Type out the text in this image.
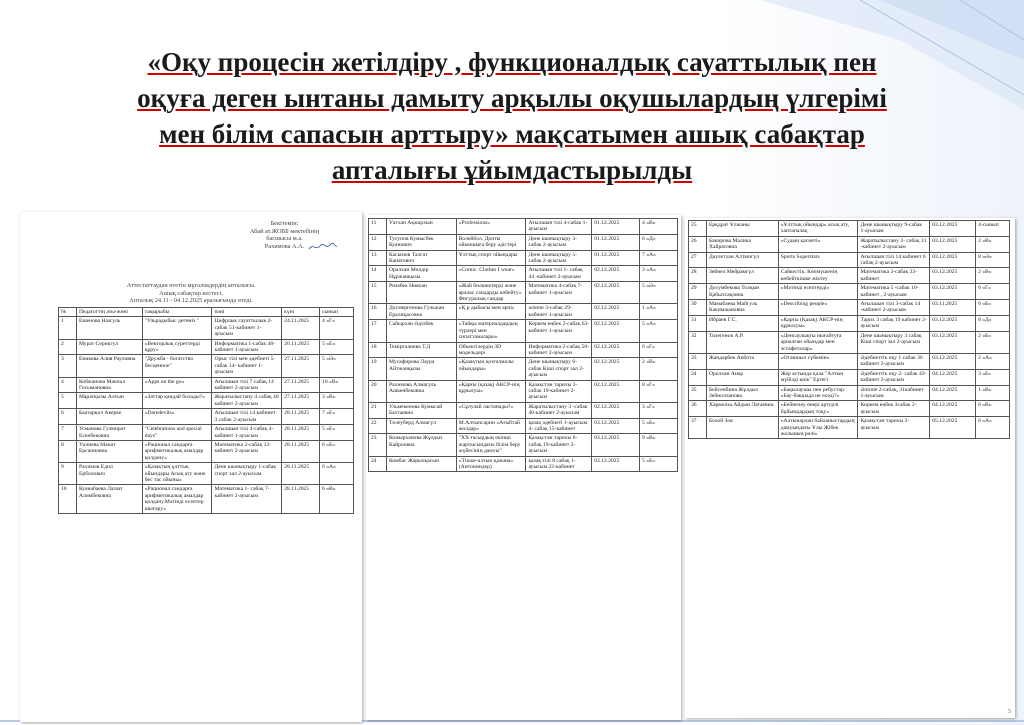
«Оқу процесін жетілдіру , функционалдық сауаттылық пен
оқуға деген ынтаны дамыту арқылы оқушылардың үлгерімі
мен білім сапасын арттыру» мақсатымен ашық сабақтар
апталығы ұйымдастырылды
Бекітемін:
Абай ат.ЖОББ мектебінің
басшысы м.а.
Рахимова А.А.
Аттестаттаудан өтетін мұғалімдердің апталығы.
Ашық сабақтар кестесі.
Апталық 24.11 - 04.12.2025 аралығында өтеді.
№	Педагогтің аты-жөні	тақырыбы	пәні	күні	сынып
1	Ешенова Назгуль	"Ульрадыбыс дегеміз "	Цифрлык сауаттылык 2-сабак 51-кабинет 1-ауысым	24.11.2025	4 «Г»
2	Мурат Серикгул	«Векторлық суреттерді құру»	Информатика 1-сабак 48-кабинет 1-ауысым	26.11.2025	5 «Е»
3	Еникова Алия Рауловна	"Дружба - богатство бесценное"	Орыс тілі мен әдебиеті 5- сабак 14- кабинет 1-ауысым	27.11.2025	5 «Ә»
4	Кобжанова Макпал Госымановна	«Apps on the go»	Ағылшын тілі 7 сабақ 14 кабинет 2-ауысым	27.11.2025	10 «В»
5	Маратқызы Алтын	«Заттар қандай болады?»	Жаратылыстану 4 сабақ 40 кабинет 2-ауысым	27.11.2025	3 «В»
6	Баатарқол Акерке	«Daredevils»	Ағылшын тілі 14 кабинет 3 сабак 2-ауысым	28.11.2025	7 «Е»
7	Усманова Гулмират Есенбековна	"Celebrations and special days"	Ағылшын тілі 4-сабақ 4- кабинет 1-ауысым	28.11.2025	5 «Е»
8	Уалиева Манат Ерсаиновна	«Рационал сандарға арифметикалық амалдар қолдану»	Математика 2-сабақ 12-кабинет 2-ауысым	28.11.2025	6 «Б»
9	Рахимов Едил Ерболович	«Қазақтың ұлттық ойындары Асық ату және бес тас ойыны»	Дене шынықтыру 1-сабак спорт зал 2-ауысым	28.11.2025	6 «А»
10	Куанабаева Лаззат Алимбековна	«Рационал сандарға арифметикалық амалдар қолдану.Мәтінді есептер шығару»	Математика 1- сабақ 7- кабинет 2-ауысым	28.11.2025	6 «В»
11	Уатхан Ақжархын	«Professions»	Ағылшын тілі 4-сабак 1-ауысым	01.12.2025	4 «В»
12	Тусупов Кумысбек Куанович	Волейбол. Допты ойыншыға беру әдістері	Дене шынықтыру 3-сабак 2-ауысым	01.12.2025	6 «Д»
13	Касымов Талгат Канатович	Ұлттық спорт ойындары	Дене шынықтыру 5-сабак 2-ауысым	01.12.2025	7 «А»
14	Оралхан Мөлдір Нұржанқызы	«Comic. Clothes I wear»	Ағылшын тілі 1- сабақ 44 -кабинет 2-ауысым	02.12.2025	3 «А»
15	Ризабек Нияхан	«Жай бөлшектерді және аралас сандарды көбейту» Фигуралық сандар	Математика 4-сабақ 7- кабинет 1-ауысым	02.12.2025	5 «Ә»
16	Досмергенова Гульжан Ералиқасовна	«Қ р дыбысы мен әрпі»	әліппе 3-сабак 29-кабинет 1-ауысым	02.12.2025	1 «А»
17	Сайырхан Әділбек	«Тайқы материалдардың түрлері мен сипаттамалары»	Көркем еңбек 2-сабақ 63-кабинет 1-ауысым	02.12.2025	5 «А»
18	Темірғалиева Т.Д	Объектілердің 3D модельдері	Информатика 2-сабақ 50-кабинет 2-ауысым	02.12.2025	6 «Г»
19	Мусафирова Лаура Айтжанқызы	«Қазақтың қозғалмалы ойындары»	Дене шынықтыру 6-сабак Кіші спорт зал 2-ауысым	02.12.2025	2 «В»
20	Рахимова Алмагуль Ашкенбековна	«Қарғы (қазақ) АКСР-нің құрылуы»	Қазақстан тарихы 3-сабак 19-кабинет 2-ауысым	02.12.2025	8 «Г»
21	Ульмекенова Кумысай Бахтаевна	«Сұлулай ластанады?»	Жаратылыстану 3 -сабак 40-кабинет 2-ауысым	02.12.2025	3 «Г»
22	Төлеуберд Алмагүл	М.Алтынсарин «Атыбтай жолдар»	қазақ әдебиеті 1-ауысым 4- сабақ 15-кабинет	03.12.2025	5 «Б»
23	Кожырханова Жұлдыз Кайроовна	"ХХ ғасырдың екінші жартысындағы білім беру жүйесінің дамуы"	Қазақстан тарихы 6-сабақ 19-кабинет 2-ауысым	03.12.2025	9 «В»
24	Комбас Жарылқасын	«Тікше-алтын қазына» (Антониндер)	қазақ тілі 8 сабақ 1-ауысым 22-кабинет	03.12.2025	5 «Б»
25	Ерқдрат Ұлжаны	«Ұлттық ойындар» асық ату, хантапалақ	Дене шынықтыру 9-сабак 1-ауысым	03.12.2025	4-сынып
26	Бакирова Малика Хайратовна	«Судың қасиеті»	Жаратылыстану 2- сабақ 31 -кабинет 2-ауысым	03.12.2025	2 «В»
27	Дәулетхан Алтынгүл	Sports Superstars	Ағылшын тілі 14 кабинет 6 сабақ 2-ауысым	03.12.2025	8 «Ә»
28	Зейнел Мейрамгүл	Сәйкестік. Көпмүшенің көбейткішке жіктеу	Математика 2-сабак 33-кабинет	03.12.2025	2 «В»
29	Досумбекова Толқын Қабылсақовна	«Мәтінді есептерді»	Математика 5 -сабак 10- кабинет , 2-ауысым	03.12.2025	6 «Г»
30	Мамабаева Майгуль Какимжановна	«Describing people»	Ағылшын тілі 3-сабак 14 -кабинет 2-ауысым	03.11.2025	6 «Б»
31	Ибраев Г.С.	«Қарғы (Қазақ) АКСР-нің құрылуы»	Тарих 3 сабақ 19 кабинет 2-ауысым	03.12.2025	8 «Д»
32	Толегенов А.Р.	«Денсаулықты нығайтуға арналған ойындар мен эстафеталар»	Дене шынықтыру 3 сабақ Кіші спорт зал 2-ауысым	03.12.2025	2 «Б»
33	Жандарбек Акбота	«Отаншыл сүйемін»	Әдебиеттік оқу 1 сабак 36 кабинет 2-ауысым	03.12.2025	2 «А»
34	Оролхан Анар	Жер астында қала "Алтын мүйізді киік" Ертегі	Әдебиеттік оқу 2- сабак 43-кабинет 2-ауысым	04.12.2025	3 «Б»
35	Бейсенбина Жұлдыз Зейнолланова	«Бақылаушы пен ребустар. «Бау-бақшада не өседі?»	Әліппе 2-сабақ, 31кабинет 1-ауысым	04.12.2025	1 «В»
36	Хармолза.Айдын Латаевна.	«Бейнелеу өнері артурлі бұйымдардың тоқу»	Көркем еңбек 3сабак 2-ауысым	04.12.2025	6 «В»
37	Бохой Зоя	«Алтынарлан байланыстардың дамуындағы Ұлы Жібек жолының рөлі»	Қазақстан тарихы 2-ауысым	05.12.2025	6 «А»
5
